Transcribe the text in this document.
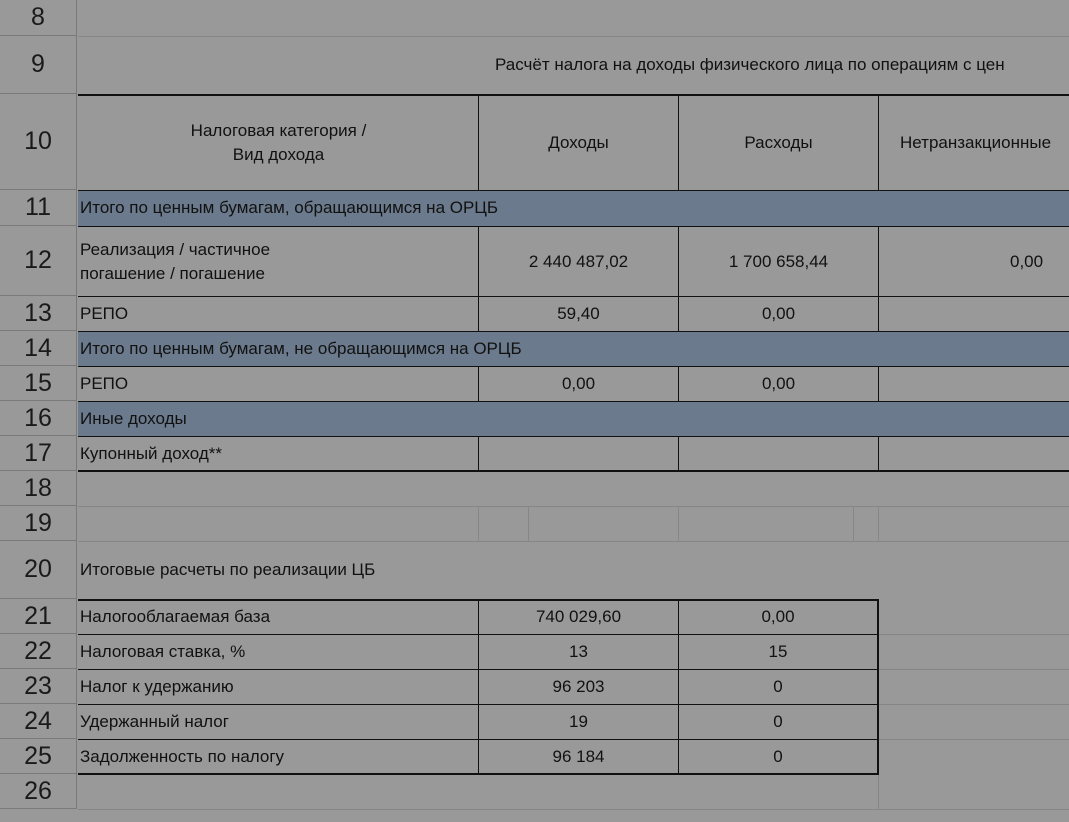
8
9
10
11
12
13
14
15
16
17
18
19
20
21
22
23
24
25
26
Расчёт налога на доходы физического лица по операциям с цен
Налоговая категория /
Вид дохода
Доходы	Расходы	Нетранзакционные
Итого по ценным бумагам, обращающимся на ОРЦБ
Реализация / частичное
погашение / погашение
2 440 487,02	1 700 658,44	0,00
РЕПО	59,40	0,00
Итого по ценным бумагам, не обращающимся на ОРЦБ
РЕПО	0,00	0,00
Иные доходы
Купонный доход**
Итоговые расчеты по реализации ЦБ
Налогооблагаемая база	740 029,60	0,00
Налоговая ставка, %	13	15
Налог к удержанию	96 203	0
Удержанный налог	19	0
Задолженность по налогу	96 184	0
